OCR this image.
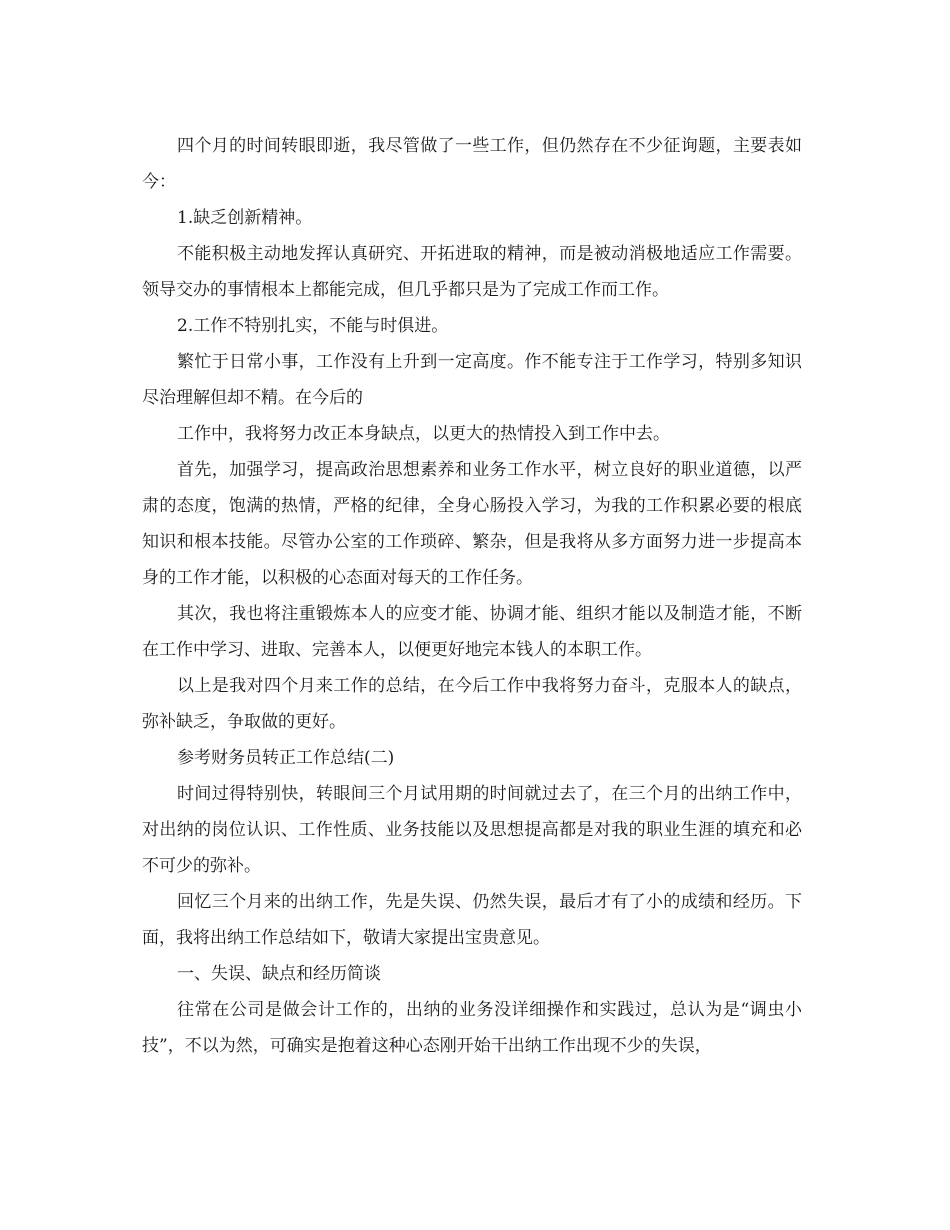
四个月的时间转眼即逝，我尽管做了一些工作，但仍然存在不少征询题，主要表如今：

1.缺乏创新精神。

不能积极主动地发挥认真研究、开拓进取的精神，而是被动消极地适应工作需要。领导交办的事情根本上都能完成，但几乎都只是为了完成工作而工作。

2.工作不特别扎实，不能与时俱进。

繁忙于日常小事，工作没有上升到一定高度。作不能专注于工作学习，特别多知识尽治理解但却不精。在今后的

工作中，我将努力改正本身缺点，以更大的热情投入到工作中去。

首先，加强学习，提高政治思想素养和业务工作水平，树立良好的职业道德，以严肃的态度，饱满的热情，严格的纪律，全身心肠投入学习，为我的工作积累必要的根底知识和根本技能。尽管办公室的工作琐碎、繁杂，但是我将从多方面努力进一步提高本身的工作才能，以积极的心态面对每天的工作任务。

其次，我也将注重锻炼本人的应变才能、协调才能、组织才能以及制造才能，不断在工作中学习、进取、完善本人，以便更好地完本钱人的本职工作。

以上是我对四个月来工作的总结，在今后工作中我将努力奋斗，克服本人的缺点，弥补缺乏，争取做的更好。

参考财务员转正工作总结(二)

时间过得特别快，转眼间三个月试用期的时间就过去了，在三个月的出纳工作中，对出纳的岗位认识、工作性质、业务技能以及思想提高都是对我的职业生涯的填充和必不可少的弥补。

回忆三个月来的出纳工作，先是失误、仍然失误，最后才有了小的成绩和经历。下面，我将出纳工作总结如下，敬请大家提出宝贵意见。

一、失误、缺点和经历简谈

往常在公司是做会计工作的，出纳的业务没详细操作和实践过，总认为是“调虫小技”，不以为然，可确实是抱着这种心态刚开始干出纳工作出现不少的失误，
